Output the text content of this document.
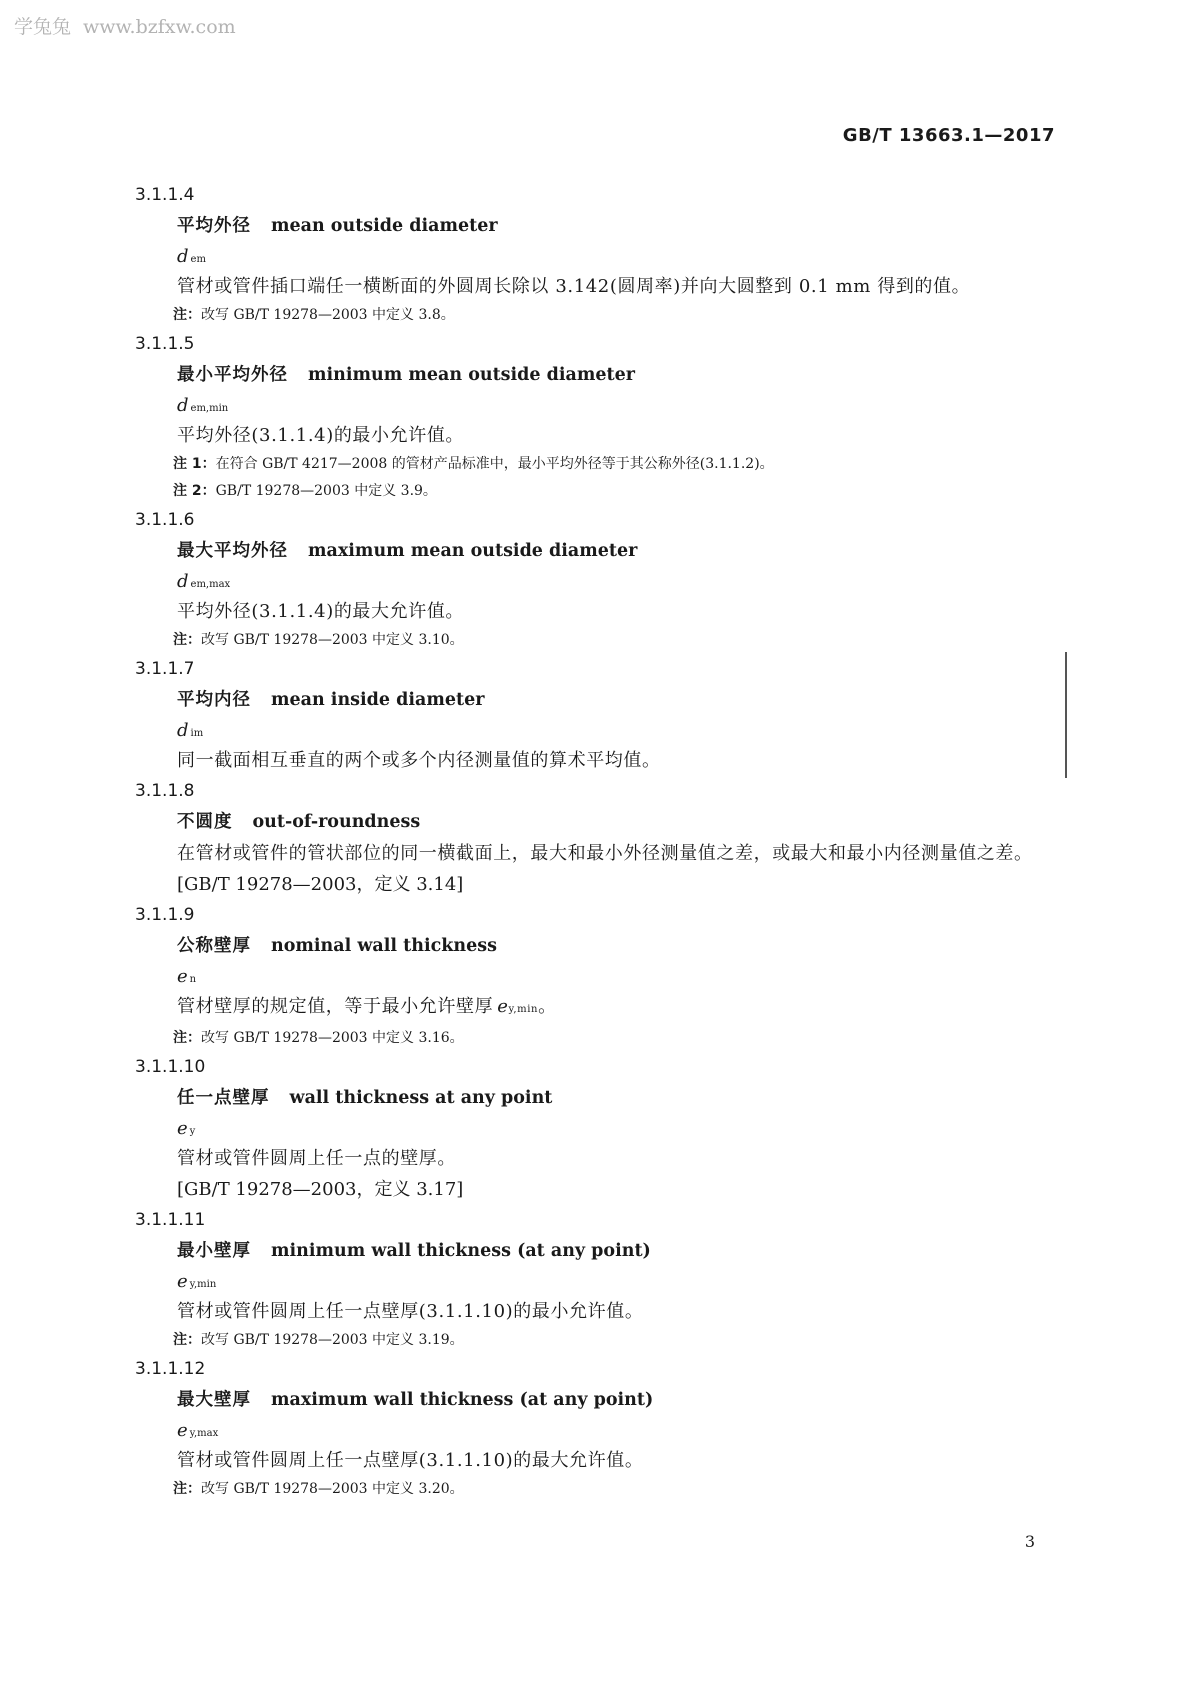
学兔兔 www.bzfxw.com
GB/T 13663.1—2017
3.1.1.4
平均外径 mean outside diameter
dem
管材或管件插口端任一横断面的外圆周长除以 3.142(圆周率)并向大圆整到 0.1 mm 得到的值。
注：改写 GB/T 19278—2003 中定义 3.8。
3.1.1.5
最小平均外径 minimum mean outside diameter
dem,min
平均外径(3.1.1.4)的最小允许值。
注 1：在符合 GB/T 4217—2008 的管材产品标准中，最小平均外径等于其公称外径(3.1.1.2)。
注 2：GB/T 19278—2003 中定义 3.9。
3.1.1.6
最大平均外径 maximum mean outside diameter
dem,max
平均外径(3.1.1.4)的最大允许值。
注：改写 GB/T 19278—2003 中定义 3.10。
3.1.1.7
平均内径 mean inside diameter
dim
同一截面相互垂直的两个或多个内径测量值的算术平均值。
3.1.1.8
不圆度 out-of-roundness
在管材或管件的管状部位的同一横截面上，最大和最小外径测量值之差，或最大和最小内径测量值之差。
[GB/T 19278—2003，定义 3.14]
3.1.1.9
公称壁厚 nominal wall thickness
en
管材壁厚的规定值，等于最小允许壁厚 ey,min。
注：改写 GB/T 19278—2003 中定义 3.16。
3.1.1.10
任一点壁厚 wall thickness at any point
ey
管材或管件圆周上任一点的壁厚。
[GB/T 19278—2003，定义 3.17]
3.1.1.11
最小壁厚 minimum wall thickness (at any point)
ey,min
管材或管件圆周上任一点壁厚(3.1.1.10)的最小允许值。
注：改写 GB/T 19278—2003 中定义 3.19。
3.1.1.12
最大壁厚 maximum wall thickness (at any point)
ey,max
管材或管件圆周上任一点壁厚(3.1.1.10)的最大允许值。
注：改写 GB/T 19278—2003 中定义 3.20。
3
